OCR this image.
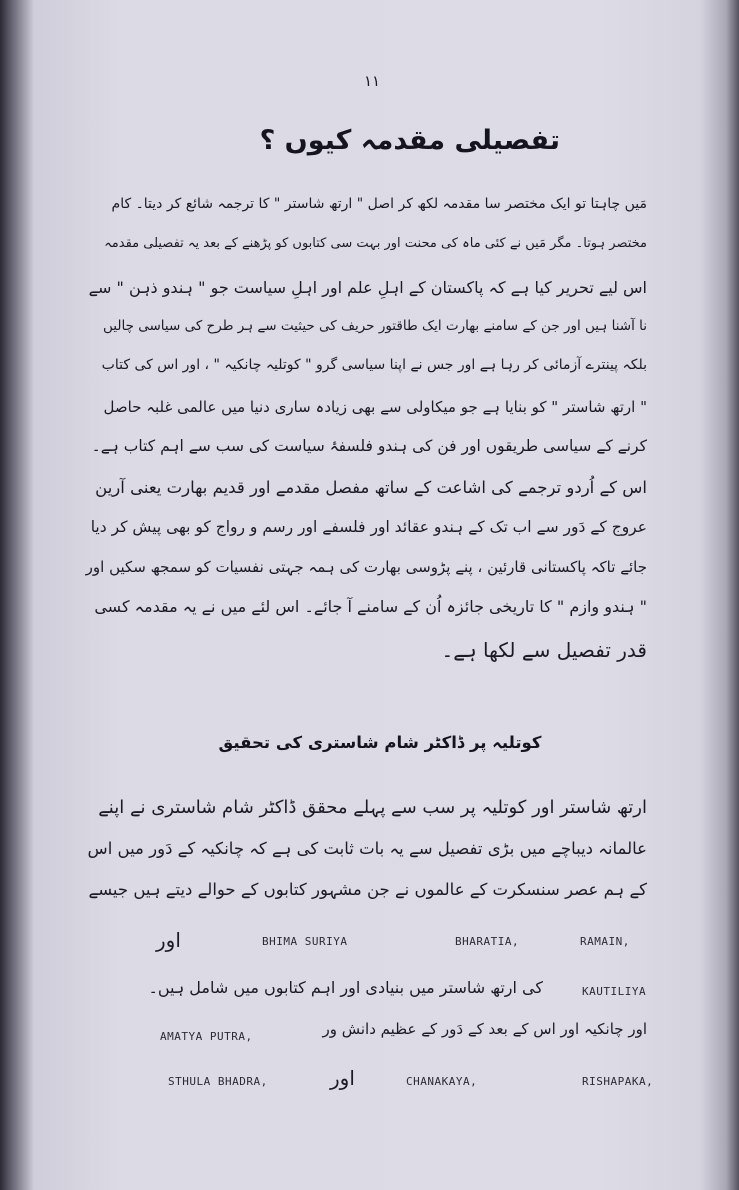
۱۱
تفصیلی مقدمہ کیوں ؟
مَیں چاہتا تو ایک مختصر سا مقدمہ لکھ کر اصل " ارتھ شاستر " کا ترجمہ شائع کر دیتا۔ کام
مختصر ہوتا۔ مگر مَیں نے کئی ماہ کی محنت اور بہت سی کتابوں کو پڑھنے کے بعد یہ تفصیلی مقدمہ
اس لیے تحریر کیا ہے کہ پاکستان کے اہلِ علم اور اہلِ سیاست جو " ہندو ذہن " سے
نا آشنا ہیں اور جن کے سامنے بھارت ایک طاقتور حریف کی حیثیت سے ہر طرح کی سیاسی چالیں
بلکہ پینترے آزمائی کر رہا ہے اور جس نے اپنا سیاسی گرو " کوتلیہ چانکیہ " ، اور اس کی کتاب
" ارتھ شاستر " کو بنایا ہے جو میکاولی سے بھی زیادہ ساری دنیا میں عالمی غلبہ حاصل
کرنے کے سیاسی طریقوں اور فن کی ہندو فلسفۂ سیاست کی سب سے اہم کتاب ہے۔
اس کے اُردو ترجمے کی اشاعت کے ساتھ مفصل مقدمے اور قدیم بھارت یعنی آرین
عروج کے دَور سے اب تک کے ہندو عقائد اور فلسفے اور رسم و رواج کو بھی پیش کر دیا
جائے تاکہ پاکستانی قارئین ، پنے پڑوسی بھارت کی ہمہ جہتی نفسیات کو سمجھ سکیں اور
" ہندو وازم " کا تاریخی جائزہ اُن کے سامنے آ جائے۔ اس لئے میں نے یہ مقدمہ کسی
قدر تفصیل سے لکھا ہے۔
کوتلیہ پر ڈاکٹر شام شاستری کی تحقیق
ارتھ شاستر اور کوتلیہ پر سب سے پہلے محقق ڈاکٹر شام شاستری نے اپنے
عالمانہ دیباچے میں بڑی تفصیل سے یہ بات ثابت کی ہے کہ چانکیہ کے دَور میں اس
کے ہم عصر سنسکرت کے عالموں نے جن مشہور کتابوں کے حوالے دیتے ہیں جیسے
اور	BHIMA SURIYA	BHARATIA,	RAMAIN,
کی ارتھ شاستر میں بنیادی اور اہم کتابوں میں شامل ہیں۔	KAUTILIYA
AMATYA PUTRA,	اور چانکیہ اور اس کے بعد کے دَور کے عظیم دانش ور
STHULA BHADRA,	اور	CHANAKAYA,	RISHAPAKA,
